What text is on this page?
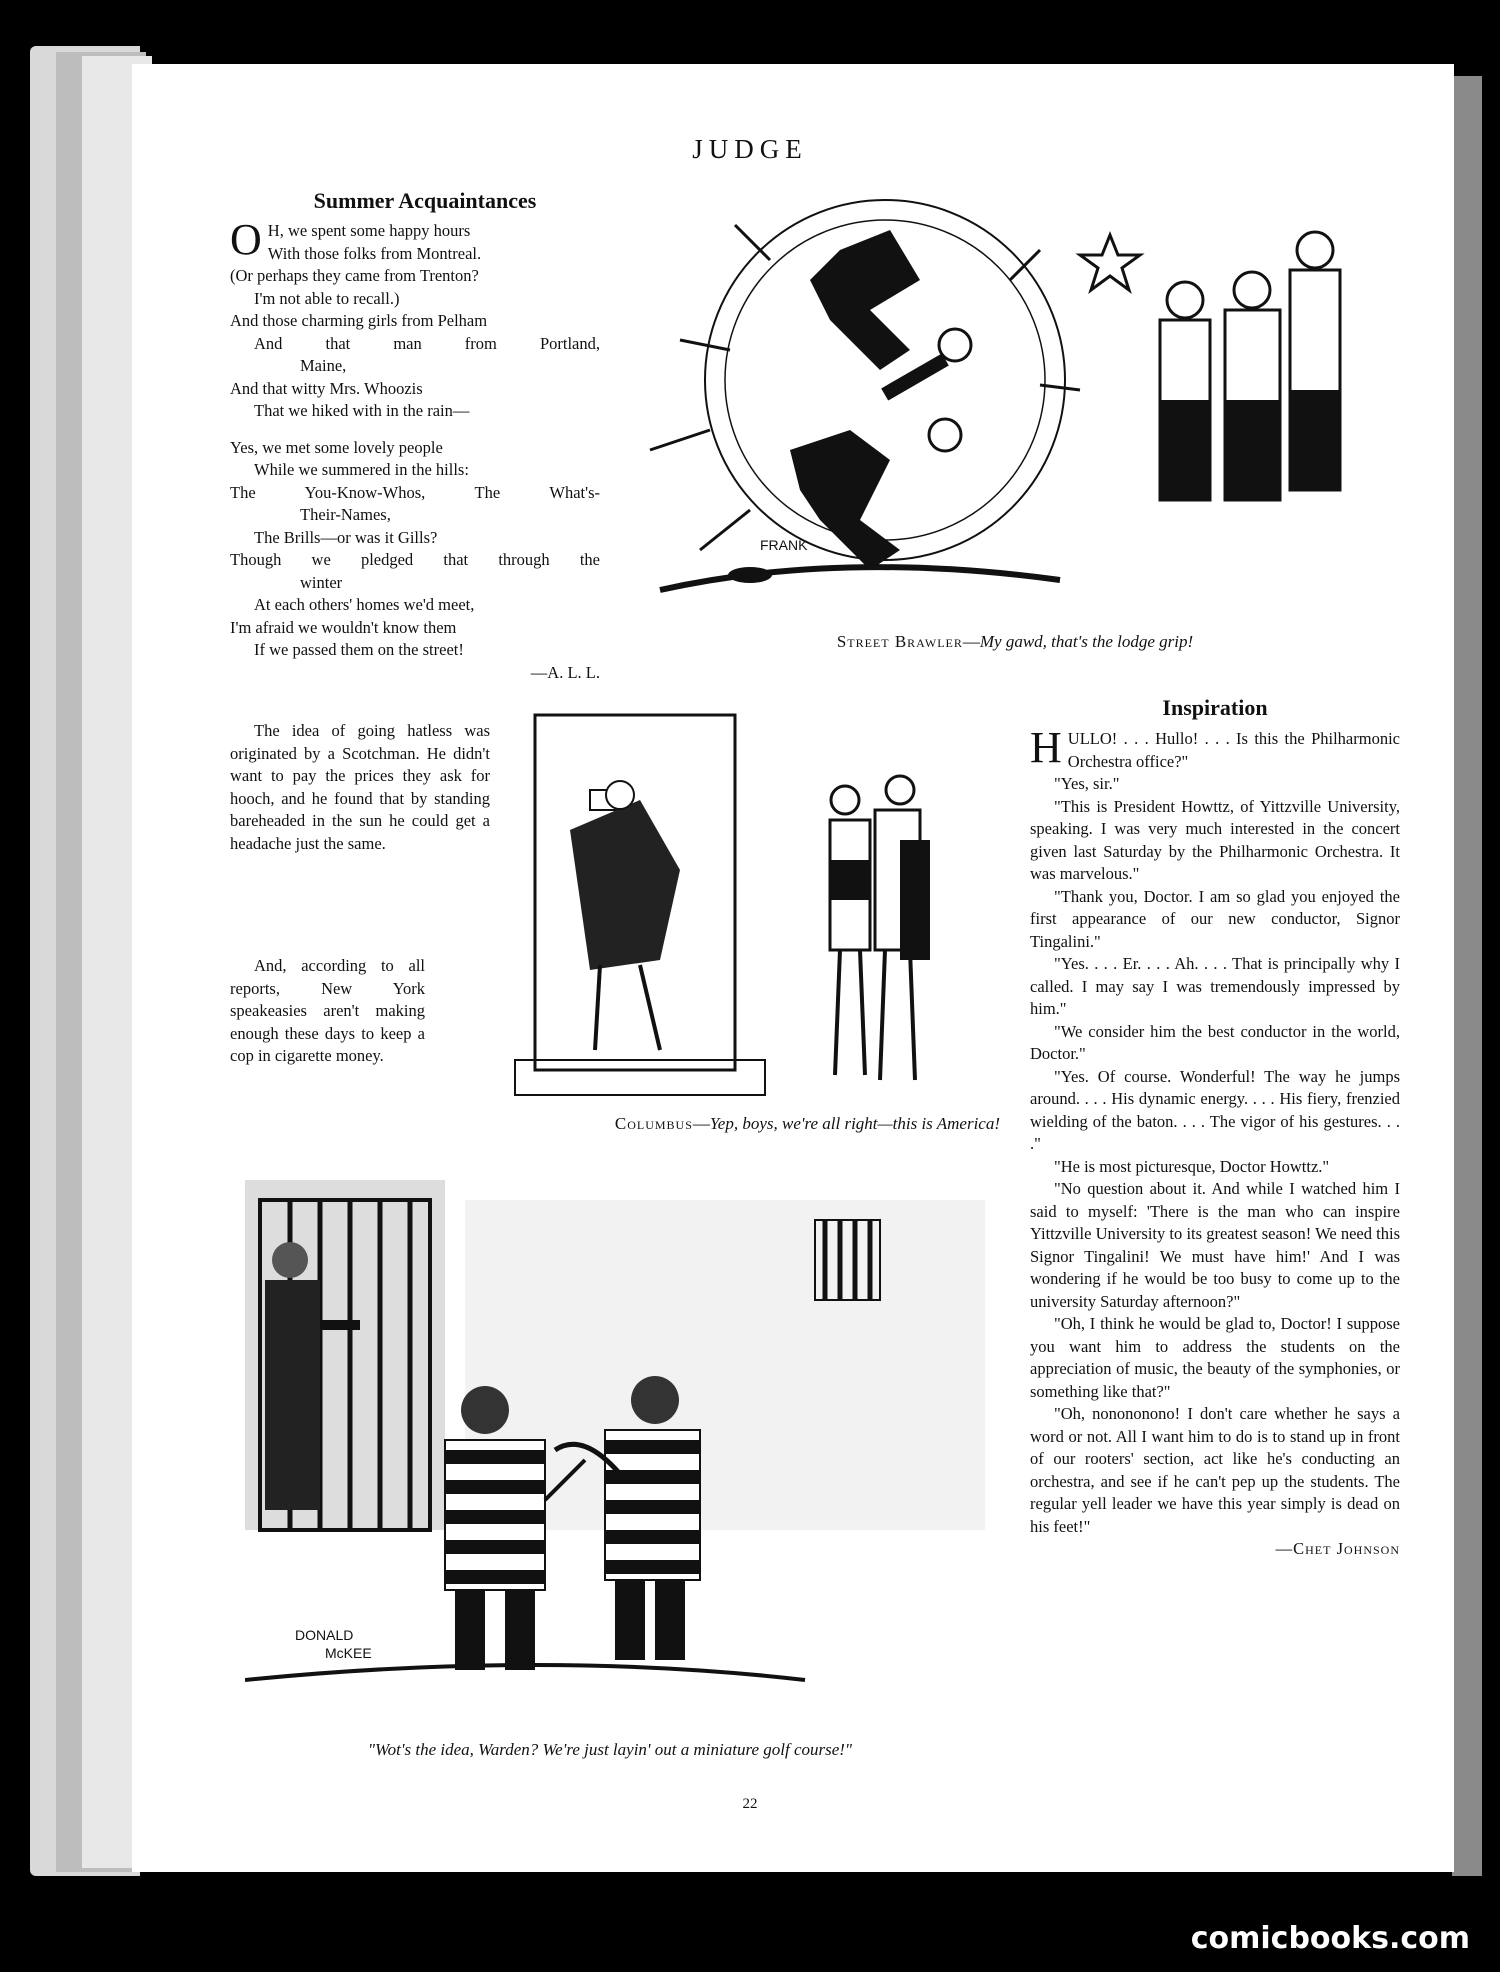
JUDGE
Summer Acquaintances

O H, we spent some happy hours

With those folks from Montreal.

(Or perhaps they came from Trenton?

I'm not able to recall.)

And those charming girls from Pelham

And that man from Portland,

Maine,

And that witty Mrs. Whoozis

That we hiked with in the rain—

Yes, we met some lovely people

While we summered in the hills:

The You-Know-Whos, The What's-

Their-Names,

The Brills—or was it Gills?

Though we pledged that through the

winter

At each others' homes we'd meet,

I'm afraid we wouldn't know them

If we passed them on the street!

—A. L. L.

FRANK
Street Brawler—My gawd, that's the lodge grip!
Inspiration

The idea of going hatless was originated by a Scotchman. He didn't want to pay the prices they ask for hooch, and he found that by standing bareheaded in the sun he could get a headache just the same.

And, according to all reports, New York speakeasies aren't making enough these days to keep a cop in cigarette money.

Columbus—Yep, boys, we're all right—this is America!

HULLO! . . . Hullo! . . . Is this the Philharmonic Orchestra office?"

"Yes, sir."

"This is President Howttz, of Yittzville University, speaking. I was very much interested in the concert given last Saturday by the Philharmonic Orchestra. It was marvelous."

"Thank you, Doctor. I am so glad you enjoyed the first appearance of our new conductor, Signor Tingalini."

"Yes. . . . Er. . . . Ah. . . . That is principally why I called. I may say I was tremendously impressed by him."

"We consider him the best conductor in the world, Doctor."

"Yes. Of course. Wonderful! The way he jumps around. . . . His dynamic energy. . . . His fiery, frenzied wielding of the baton. . . . The vigor of his gestures. . . ."

"He is most picturesque, Doctor Howttz."

"No question about it. And while I watched him I said to myself: 'There is the man who can inspire Yittzville University to its greatest season! We need this Signor Tingalini! We must have him!' And I was wondering if he would be too busy to come up to the university Saturday afternoon?"

"Oh, I think he would be glad to, Doctor! I suppose you want him to address the students on the appreciation of music, the beauty of the symphonies, or something like that?"

"Oh, nonononono! I don't care whether he says a word or not. All I want him to do is to stand up in front of our rooters' section, act like he's conducting an orchestra, and see if he can't pep up the students. The regular yell leader we have this year simply is dead on his feet!"

—Chet Johnson

DONALD
McKEE
"Wot's the idea, Warden? We're just layin' out a miniature golf course!"
22
comicbooks.com
